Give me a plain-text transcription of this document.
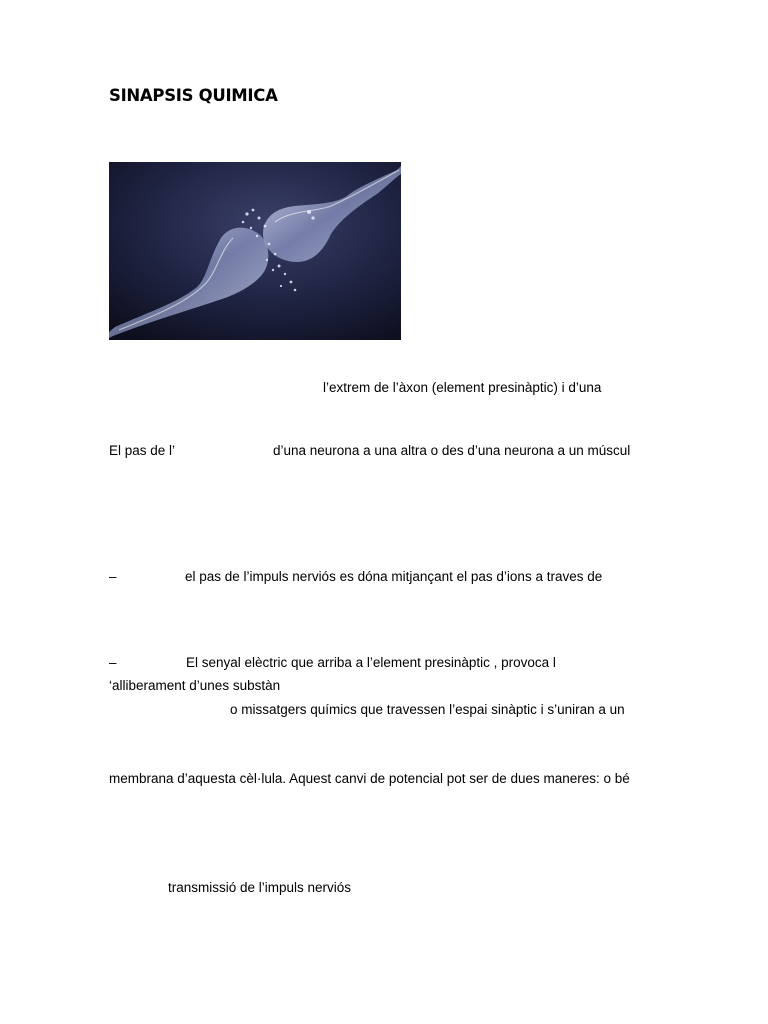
SINAPSIS QUIMICA
l’extrem de l’àxon (element presinàptic) i d’una
El pas de l’	d’una neurona a una altra o des d’una neurona a un múscul
–	el pas de l’impuls nerviós es dóna mitjançant el pas d’ions a traves de
–	El senyal elèctric que arriba a l’element presinàptic , provoca l
‘alliberament d’unes substàn
o missatgers químics que travessen l’espai sinàptic i s’uniran a un
membrana d’aquesta cèl·lula. Aquest canvi de potencial pot ser de dues maneres: o bé
transmissió de l’impuls nerviós
